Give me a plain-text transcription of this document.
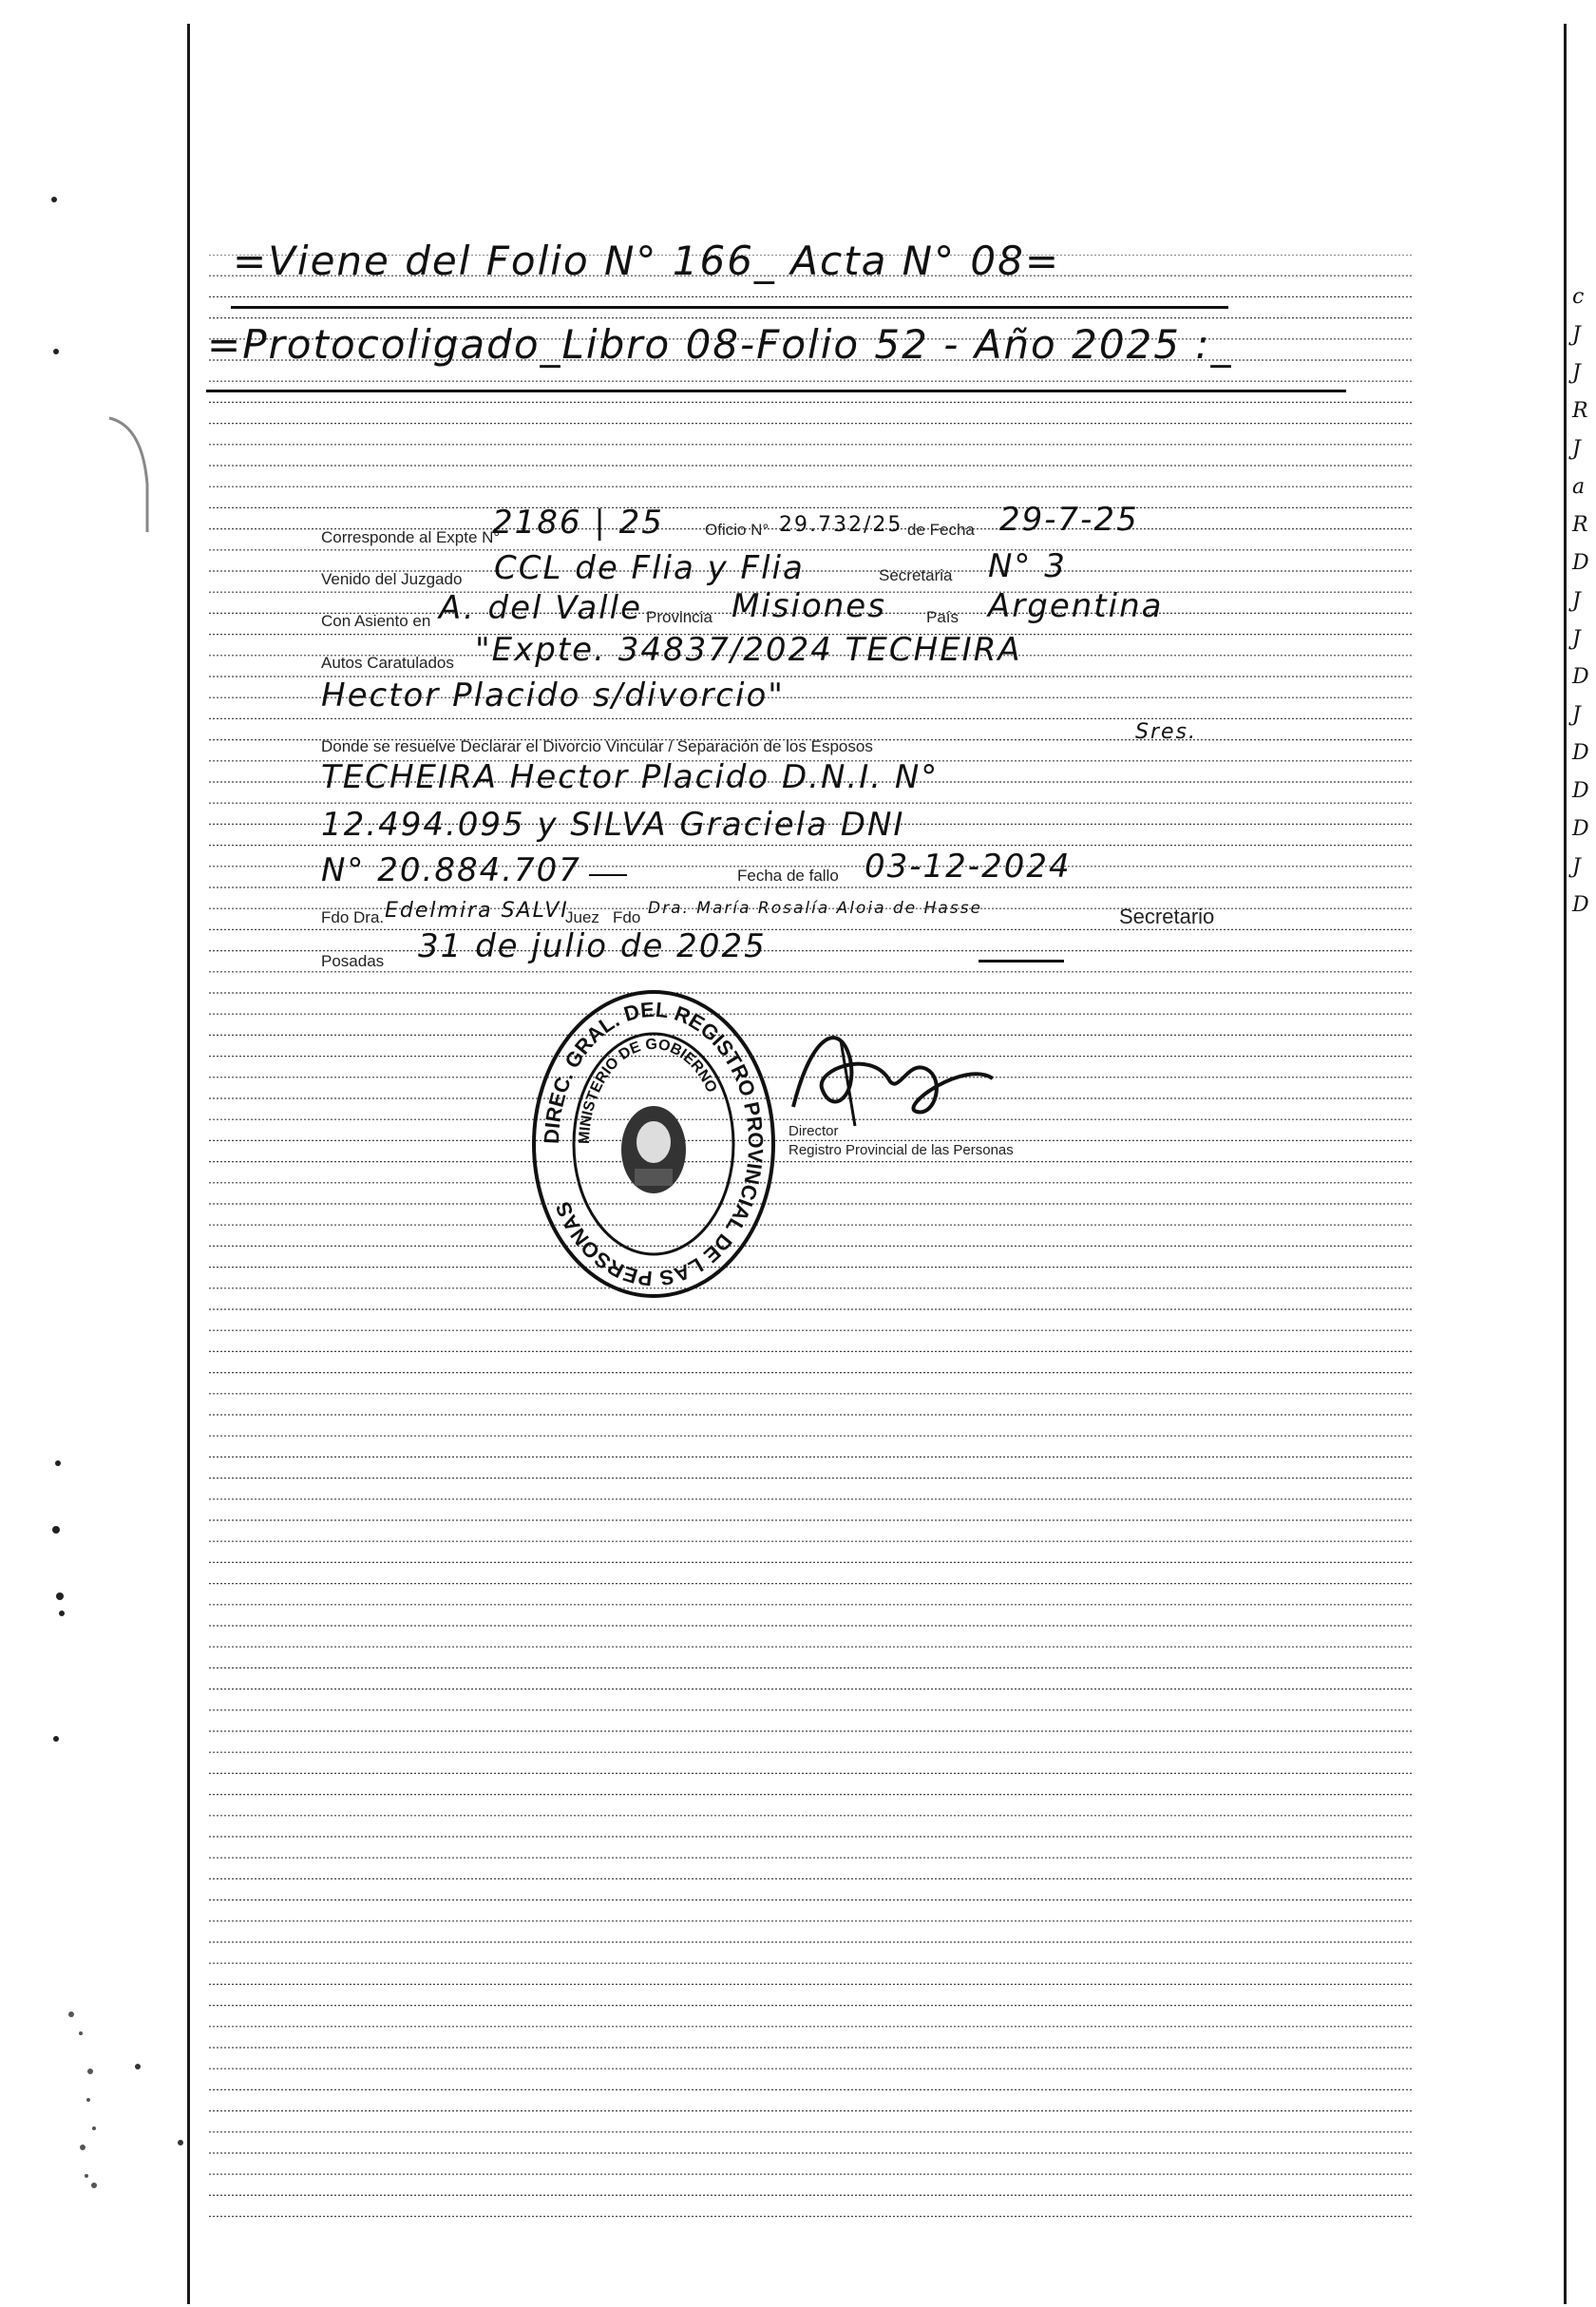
=Viene del Folio N° 166_ Acta N° 08=
=Protocoligado_Libro 08-Folio 52 - Año 2025 :_
Corresponde al Expte N°
2186 | 25	Oficio N° 29.732/25 de Fecha 29-7-25
Venido del Juzgado CCL de Flia y Flia	Secretaria N° 3
Con Asiento en A. del Valle Provincia Misiones País Argentina
Autos Caratulados "Expte. 34837/2024 TECHEIRA
Hector Placido s/divorcio"
Donde se resuelve Declarar el Divorcio Vincular / Separación de los Esposos
Sres.
TECHEIRA Hector Placido D.N.I. N°
12.494.095 y SILVA Graciela DNI
N° 20.884.707	Fecha de fallo 03-12-2024
Fdo Dra. Edelmira SALVI
Juez Fdo Dra. María Rosalía Aloia de Hasse	Secretario
Posadas 31 de julio de 2025
DIREC. GRAL. DEL REGISTRO PROVINCIAL DE LAS PERSONAS
MINISTERIO DE GOBIERNO
Director
Registro Provincial de las Personas
c
J
J
R
J
a
R
D
J
J
D
J
D
D
D
J
D
